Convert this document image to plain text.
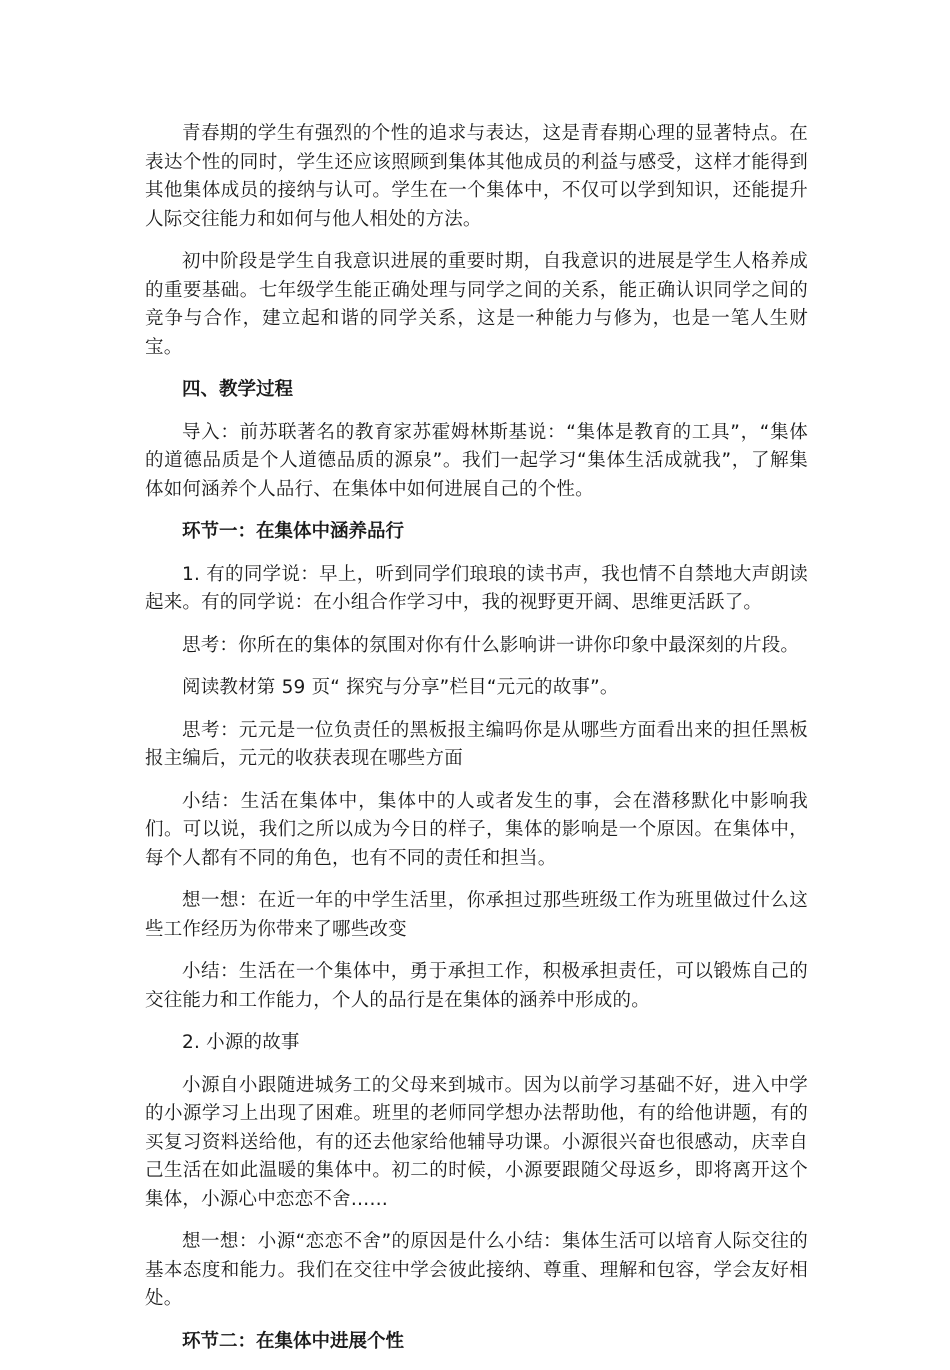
青春期的学生有强烈的个性的追求与表达，这是青春期心理的显著特点。在表达个性的同时，学生还应该照顾到集体其他成员的利益与感受，这样才能得到其他集体成员的接纳与认可。学生在一个集体中，不仅可以学到知识，还能提升人际交往能力和如何与他人相处的方法。

初中阶段是学生自我意识进展的重要时期，自我意识的进展是学生人格养成的重要基础。七年级学生能正确处理与同学之间的关系，能正确认识同学之间的竞争与合作，建立起和谐的同学关系，这是一种能力与修为，也是一笔人生财宝。

四、教学过程

导入：前苏联著名的教育家苏霍姆林斯基说：“集体是教育的工具”，“集体的道德品质是个人道德品质的源泉”。我们一起学习“集体生活成就我”，了解集体如何涵养个人品行、在集体中如何进展自己的个性。

环节一：在集体中涵养品行

1. 有的同学说：早上，听到同学们琅琅的读书声，我也情不自禁地大声朗读起来。有的同学说：在小组合作学习中，我的视野更开阔、思维更活跃了。

思考：你所在的集体的氛围对你有什么影响讲一讲你印象中最深刻的片段。

阅读教材第 59 页“ 探究与分享”栏目“元元的故事”。

思考：元元是一位负责任的黑板报主编吗你是从哪些方面看出来的担任黑板报主编后，元元的收获表现在哪些方面

小结：生活在集体中，集体中的人或者发生的事，会在潜移默化中影响我们。可以说，我们之所以成为今日的样子，集体的影响是一个原因。在集体中，每个人都有不同的角色，也有不同的责任和担当。

想一想：在近一年的中学生活里，你承担过那些班级工作为班里做过什么这些工作经历为你带来了哪些改变

小结：生活在一个集体中，勇于承担工作，积极承担责任，可以锻炼自己的交往能力和工作能力，个人的品行是在集体的涵养中形成的。

2. 小源的故事

小源自小跟随进城务工的父母来到城市。因为以前学习基础不好，进入中学的小源学习上出现了困难。班里的老师同学想办法帮助他，有的给他讲题，有的买复习资料送给他，有的还去他家给他辅导功课。小源很兴奋也很感动，庆幸自己生活在如此温暖的集体中。初二的时候，小源要跟随父母返乡，即将离开这个集体，小源心中恋恋不舍……

想一想：小源“恋恋不舍”的原因是什么小结：集体生活可以培育人际交往的基本态度和能力。我们在交往中学会彼此接纳、尊重、理解和包容，学会友好相处。

环节二：在集体中进展个性
